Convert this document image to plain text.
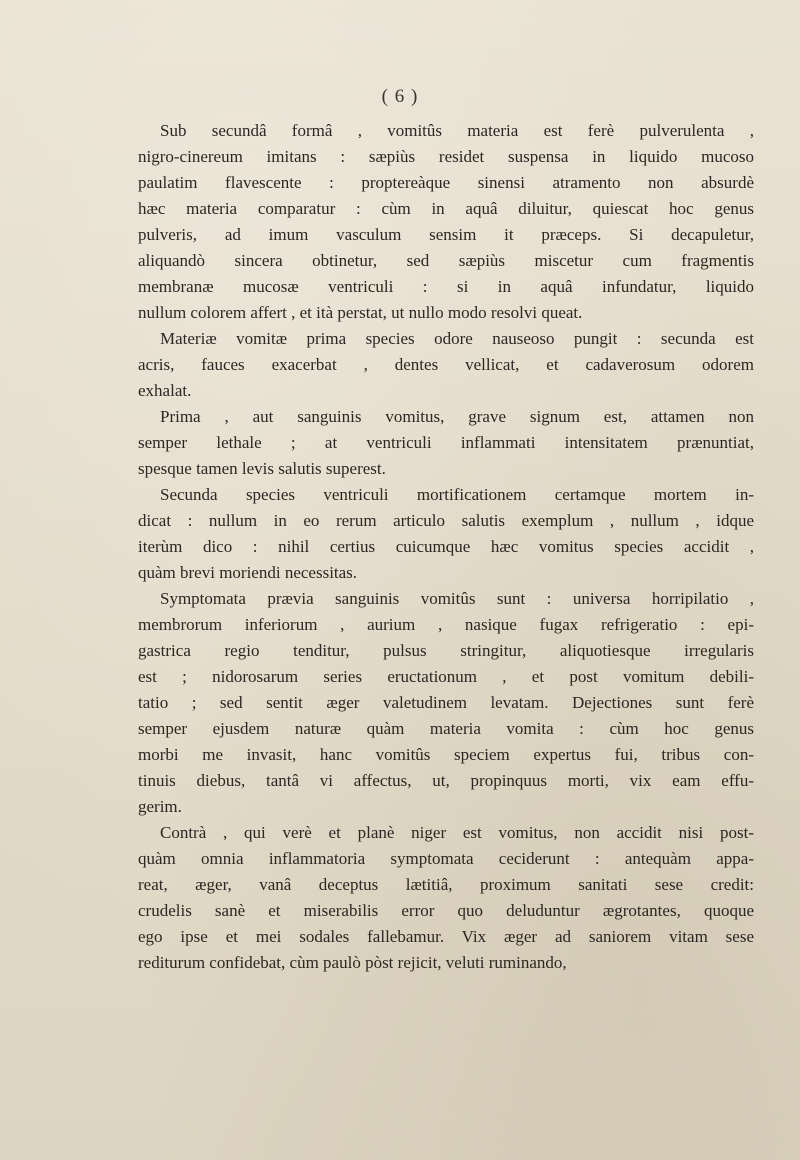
( 6 )
Sub secundâ formâ , vomitûs materia est ferè pulverulenta ,
nigro-cinereum imitans : sæpiùs residet suspensa in liquido mucoso
paulatim flavescente : proptereàque sinensi atramento non absurdè
hæc materia comparatur : cùm in aquâ diluitur, quiescat hoc genus
pulveris, ad imum vasculum sensim it præceps. Si decapuletur,
aliquandò sincera obtinetur, sed sæpiùs miscetur cum fragmentis
membranæ mucosæ ventriculi : si in aquâ infundatur, liquido
nullum colorem affert , et ità perstat, ut nullo modo resolvi queat.
Materiæ vomitæ prima species odore nauseoso pungit : secunda est
acris, fauces exacerbat , dentes vellicat, et cadaverosum odorem
exhalat.
Prima , aut sanguinis vomitus, grave signum est, attamen non
semper lethale ; at ventriculi inflammati intensitatem prænuntiat,
spesque tamen levis salutis superest.
Secunda species ventriculi mortificationem certamque mortem in-
dicat : nullum in eo rerum articulo salutis exemplum , nullum , idque
iterùm dico : nihil certius cuicumque hæc vomitus species accidit ,
quàm brevi moriendi necessitas.
Symptomata prævia sanguinis vomitûs sunt : universa horripilatio ,
membrorum inferiorum , aurium , nasique fugax refrigeratio : epi-
gastrica regio tenditur, pulsus stringitur, aliquotiesque irregularis
est ; nidorosarum series eructationum , et post vomitum debili-
tatio ; sed sentit æger valetudinem levatam. Dejectiones sunt ferè
semper ejusdem naturæ quàm materia vomita : cùm hoc genus
morbi me invasit, hanc vomitûs speciem expertus fui, tribus con-
tinuis diebus, tantâ vi affectus, ut, propinquus morti, vix eam effu-
gerim.
Contrà , qui verè et planè niger est vomitus, non accidit nisi post-
quàm omnia inflammatoria symptomata ceciderunt : antequàm appa-
reat, æger, vanâ deceptus lætitiâ, proximum sanitati sese credit:
crudelis sanè et miserabilis error quo deluduntur ægrotantes, quoque
ego ipse et mei sodales fallebamur. Vix æger ad saniorem vitam sese
rediturum confidebat, cùm paulò pòst rejicit, veluti ruminando,
